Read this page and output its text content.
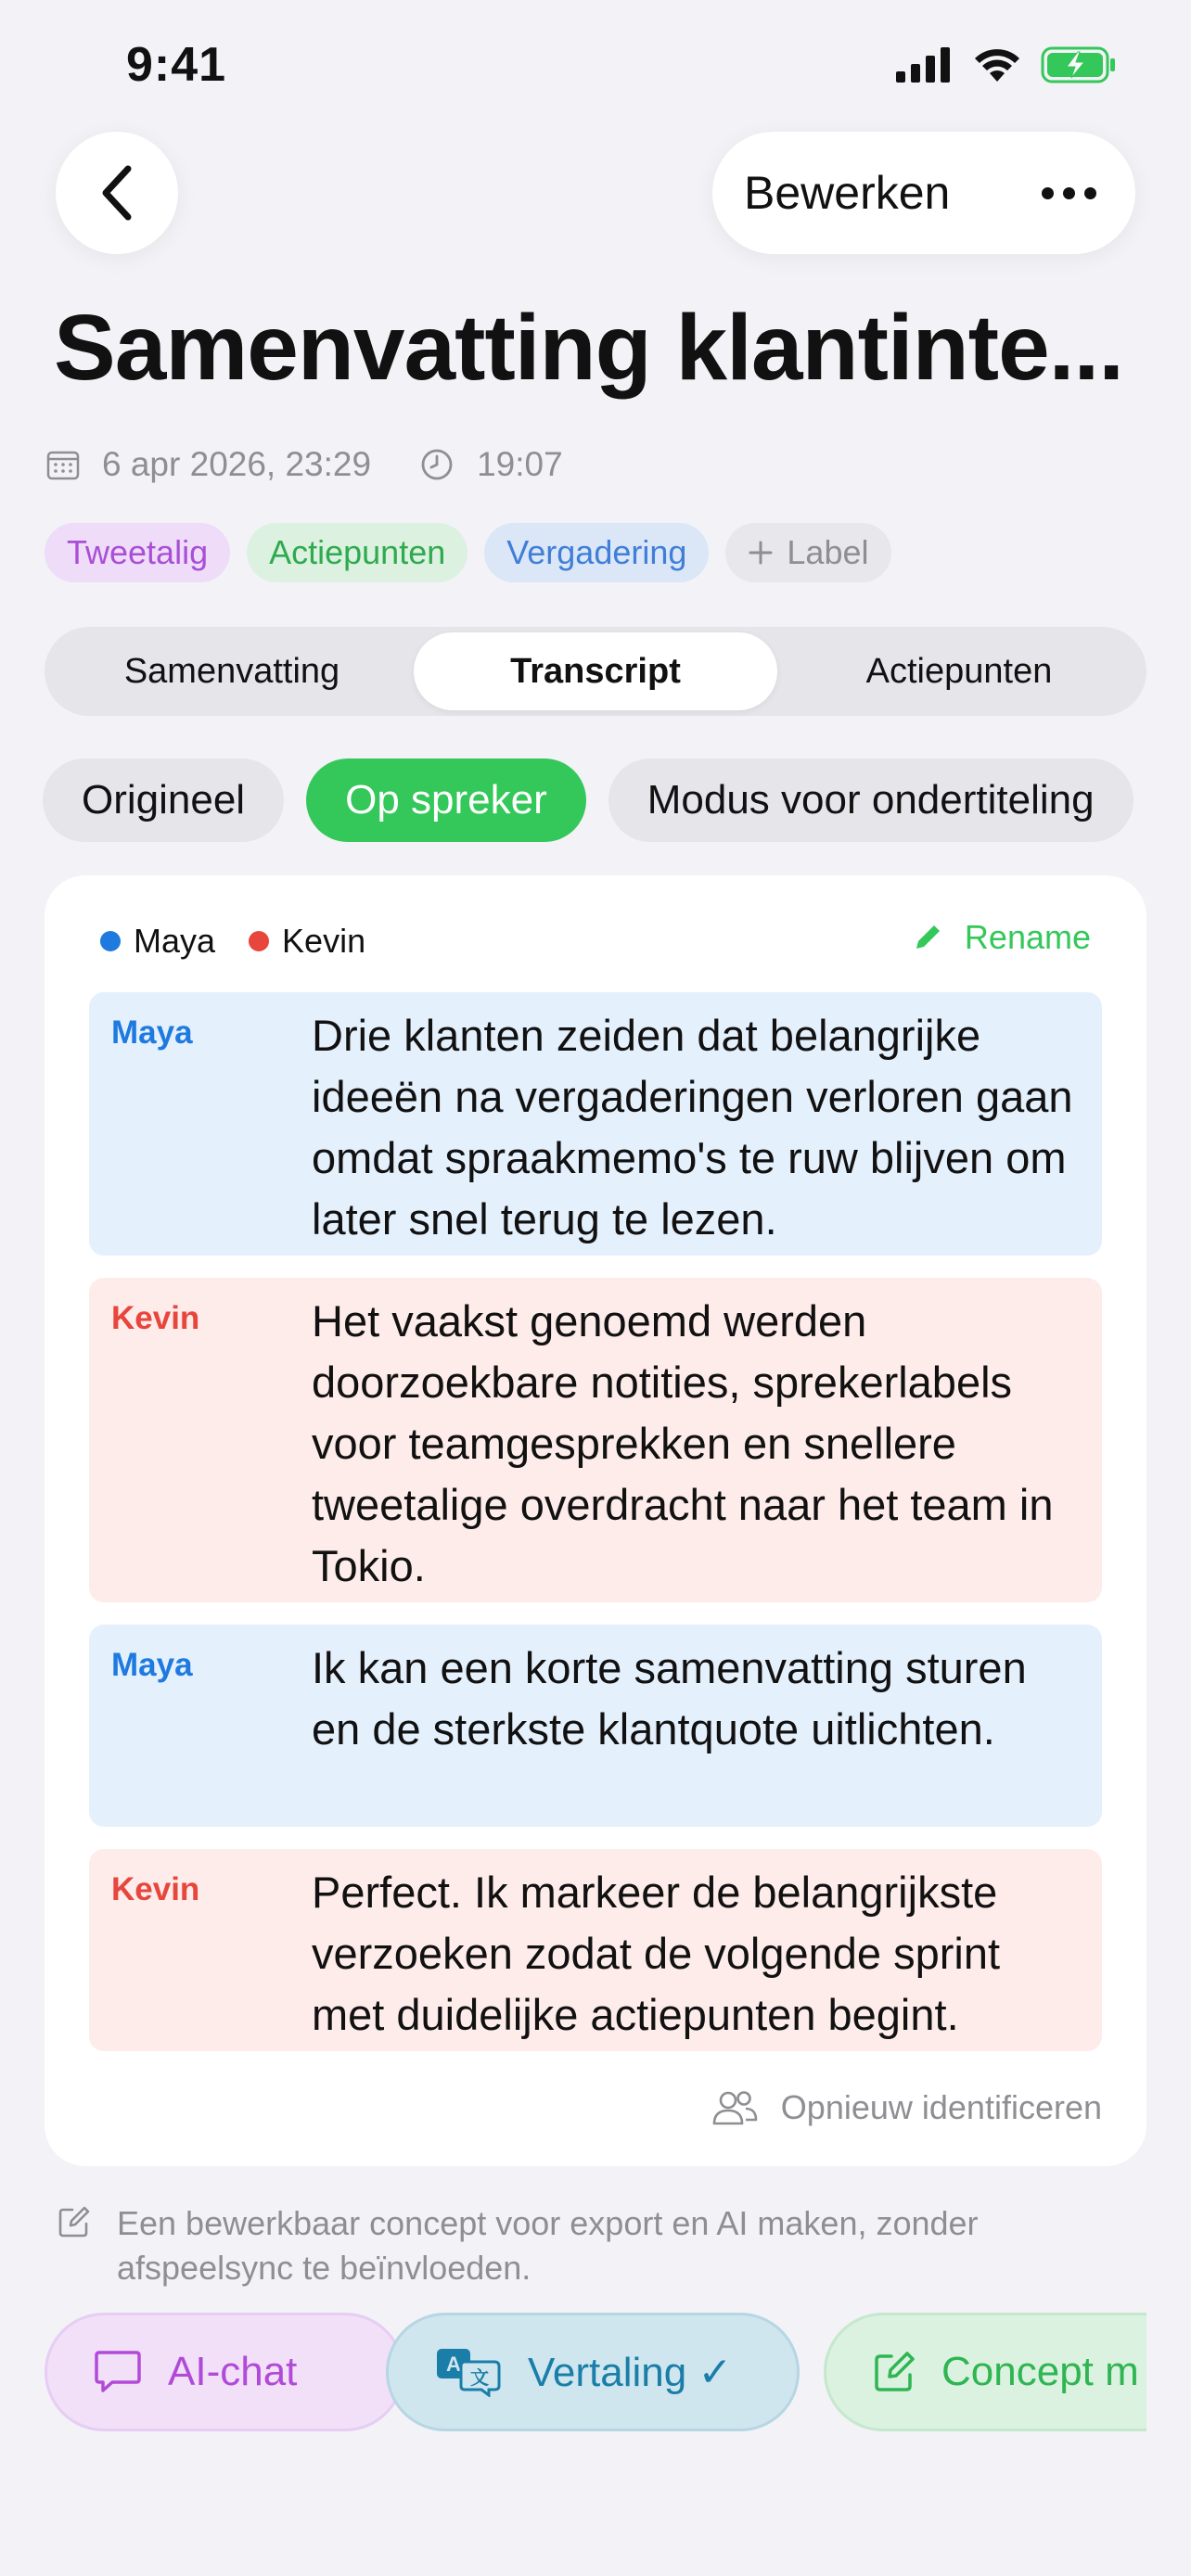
9:41
Bewerken
Samenvatting klantinte...
6 apr 2026, 23:29	19:07
Tweetalig	Actiepunten	Vergadering	Label
Samenvatting	Transcript	Actiepunten
Origineel	Op spreker	Modus voor ondertiteling
Maya Kevin	Rename
Maya	Drie klanten zeiden dat belangrijke ideeën na vergaderingen verloren gaan omdat spraakmemo's te ruw blijven om later snel terug te lezen.
Kevin	Het vaakst genoemd werden doorzoekbare notities, sprekerlabels voor teamgesprekken en snellere tweetalige overdracht naar het team in Tokio.
Maya	Ik kan een korte samenvatting sturen en de sterkste klantquote uitlichten.
Kevin	Perfect. Ik markeer de belangrijkste verzoeken zodat de volgende sprint met duidelijke actiepunten begint.
Opnieuw identificeren
Een bewerkbaar concept voor export en AI maken, zonder afspeelsync te beïnvloeden.
AI-chat	A
文 Vertaling ✓	Concept m
